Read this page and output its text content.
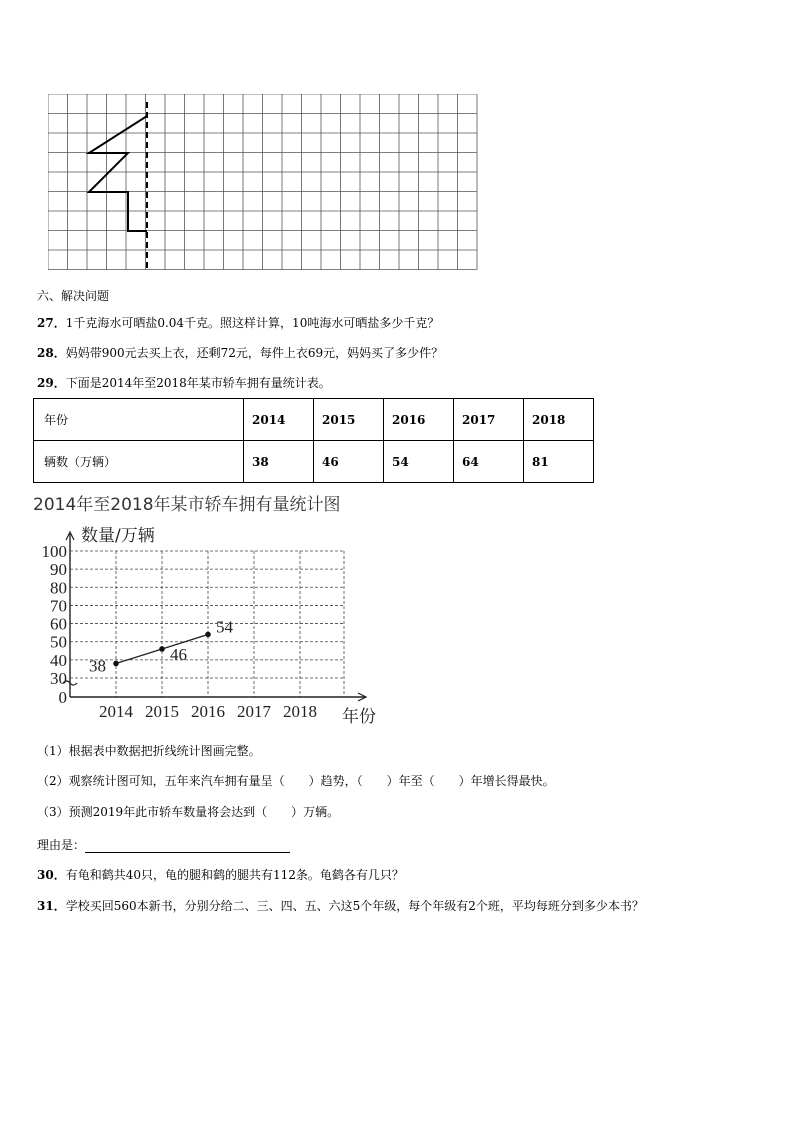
六、解决问题
27．1千克海水可晒盐0.04千克。照这样计算，10吨海水可晒盐多少千克？
28．妈妈带900元去买上衣，还剩72元，每件上衣69元，妈妈买了多少件？
29．下面是2014年至2018年某市轿车拥有量统计表。
年份	2014	2015	2016	2017	2018
辆数（万辆）	38	46	54	64	81
2014年至2018年某市轿车拥有量统计图
100
90
80
70
60
50
40
30
2014 2015 2016 2017 2018
0
数量/万辆
年份
38
46
54
（1）根据表中数据把折线统计图画完整。
（2）观察统计图可知，五年来汽车拥有量呈（　　）趋势，（　　）年至（　　）年增长得最快。
（3）预测2019年此市轿车数量将会达到（　　）万辆。
理由是：
30．有龟和鹤共40只，龟的腿和鹤的腿共有112条。龟鹤各有几只？
31．学校买回560本新书，分别分给二、三、四、五、六这5个年级，每个年级有2个班，平均每班分到多少本书？
